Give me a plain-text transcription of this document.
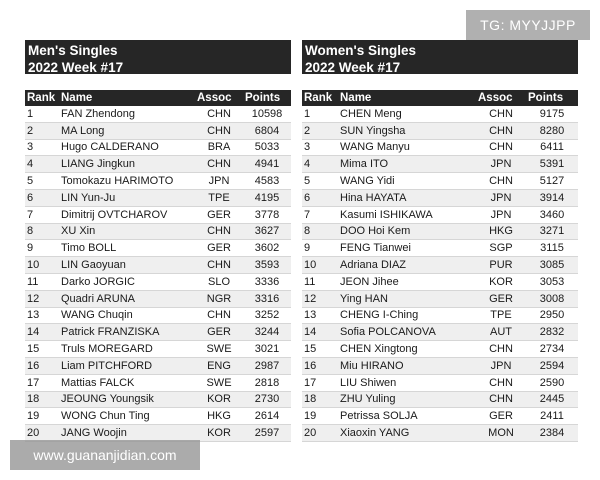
Men's Singles
2022 Week #17
Rank	Name	Assoc	Points
1	FAN Zhendong	CHN	10598
2	MA Long	CHN	6804
3	Hugo CALDERANO	BRA	5033
4	LIANG Jingkun	CHN	4941
5	Tomokazu HARIMOTO	JPN	4583
6	LIN Yun-Ju	TPE	4195
7	Dimitrij OVTCHAROV	GER	3778
8	XU Xin	CHN	3627
9	Timo BOLL	GER	3602
10	LIN Gaoyuan	CHN	3593
11	Darko JORGIC	SLO	3336
12	Quadri ARUNA	NGR	3316
13	WANG Chuqin	CHN	3252
14	Patrick FRANZISKA	GER	3244
15	Truls MOREGARD	SWE	3021
16	Liam PITCHFORD	ENG	2987
17	Mattias FALCK	SWE	2818
18	JEOUNG Youngsik	KOR	2730
19	WONG Chun Ting	HKG	2614
20	JANG Woojin	KOR	2597
Women's Singles
2022 Week #17
Rank	Name	Assoc	Points
1	CHEN Meng	CHN	9175
2	SUN Yingsha	CHN	8280
3	WANG Manyu	CHN	6411
4	Mima ITO	JPN	5391
5	WANG Yidi	CHN	5127
6	Hina HAYATA	JPN	3914
7	Kasumi ISHIKAWA	JPN	3460
8	DOO Hoi Kem	HKG	3271
9	FENG Tianwei	SGP	3115
10	Adriana DIAZ	PUR	3085
11	JEON Jihee	KOR	3053
12	Ying HAN	GER	3008
13	CHENG I-Ching	TPE	2950
14	Sofia POLCANOVA	AUT	2832
15	CHEN Xingtong	CHN	2734
16	Miu HIRANO	JPN	2594
17	LIU Shiwen	CHN	2590
18	ZHU Yuling	CHN	2445
19	Petrissa SOLJA	GER	2411
20	Xiaoxin YANG	MON	2384
TG: MYYJJPP
www.guananjidian.com
